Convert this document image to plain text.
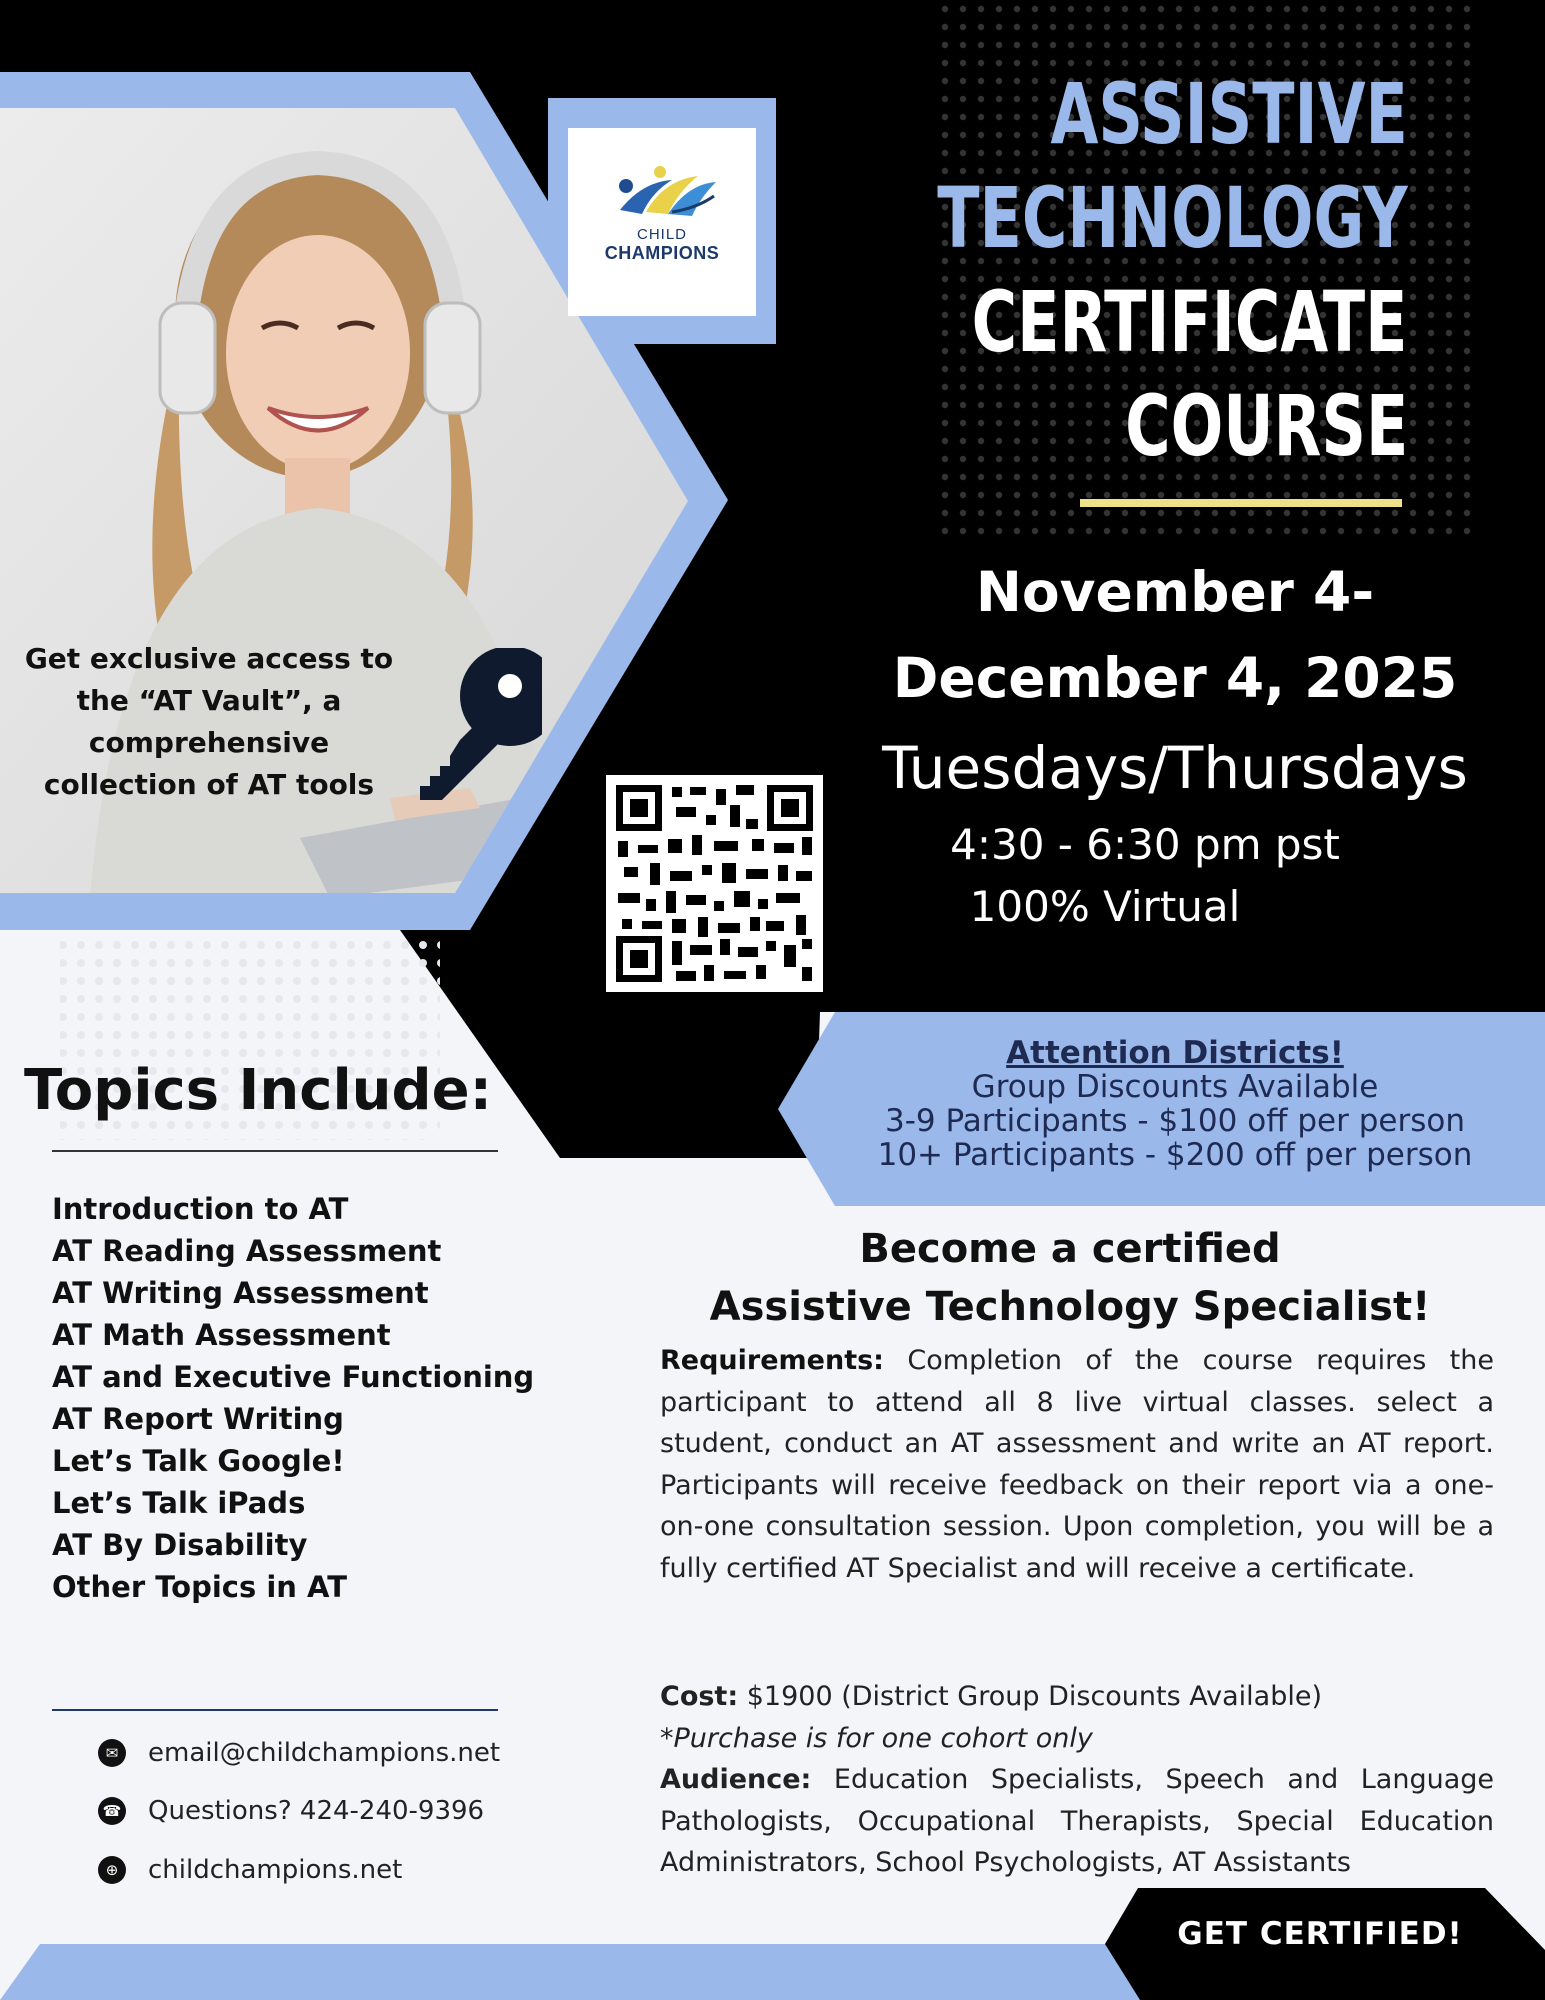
CHILD
CHAMPIONS
ASSISTIVE
TECHNOLOGY
CERTIFICATE
COURSE
November 4-
December 4, 2025
Tuesdays/Thursdays
4:30 - 6:30 pm pst
100% Virtual
Get exclusive access to
the “AT Vault”, a
comprehensive
collection of AT tools
Attention Districts!
Group Discounts Available
3-9 Participants - $100 off per person
10+ Participants - $200 off per person
Topics Include:
Introduction to AT
AT Reading Assessment
AT Writing Assessment
AT Math Assessment
AT and Executive Functioning
AT Report Writing
Let’s Talk Google!
Let’s Talk iPads
AT By Disability
Other Topics in AT
✉ email@childchampions.net
☎ Questions? 424-240-9396
⊕ childchampions.net
Become a certified
Assistive Technology Specialist!
Requirements: Completion of the course requires the participant to attend all 8 live virtual classes. select a student, conduct an AT assessment and write an AT report. Participants will receive feedback on their report via a one-on-one consultation session. Upon completion, you will be a fully certified AT Specialist and will receive a certificate.
Cost: $1900 (District Group Discounts Available)
*Purchase is for one cohort only
Audience: Education Specialists, Speech and Language Pathologists, Occupational Therapists, Special Education Administrators, School Psychologists, AT Assistants
GET CERTIFIED!
